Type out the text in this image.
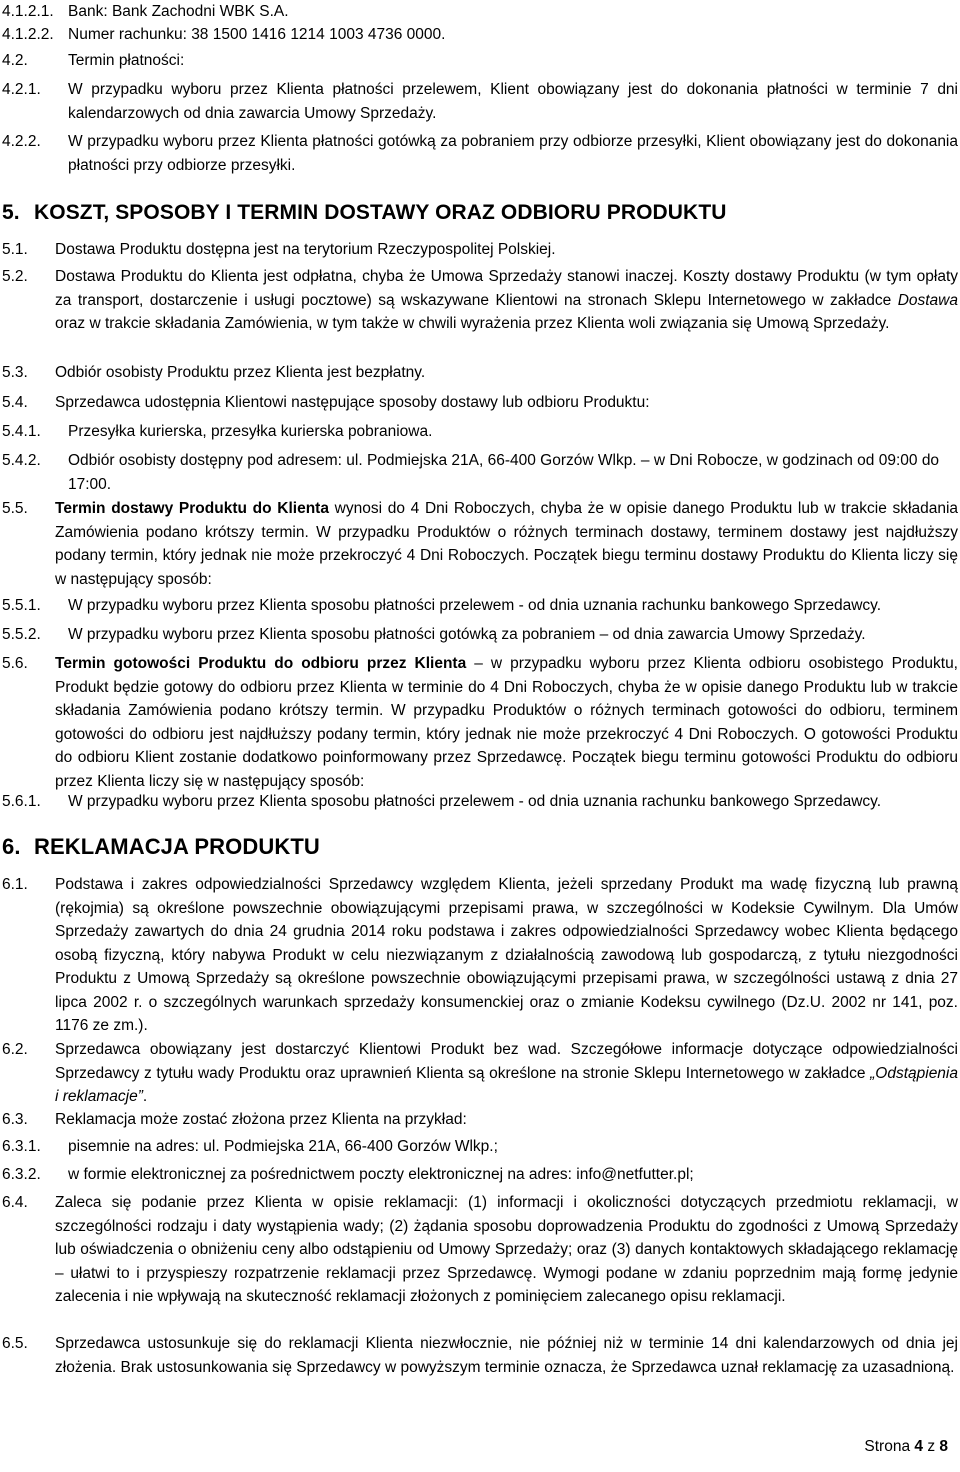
4.1.2.1. Bank: Bank Zachodni WBK S.A.
4.1.2.2. Numer rachunku: 38 1500 1416 1214 1003 4736 0000.
4.2.	Termin płatności:
4.2.1.	W przypadku wyboru przez Klienta płatności przelewem, Klient obowiązany jest do dokonania płatności w terminie 7 dni kalendarzowych od dnia zawarcia Umowy Sprzedaży.
4.2.2.	W przypadku wyboru przez Klienta płatności gotówką za pobraniem przy odbiorze przesyłki, Klient obowiązany jest do dokonania płatności przy odbiorze przesyłki.
5. KOSZT, SPOSOBY I TERMIN DOSTAWY ORAZ ODBIORU PRODUKTU
5.1.	Dostawa Produktu dostępna jest na terytorium Rzeczypospolitej Polskiej.
5.2.	Dostawa Produktu do Klienta jest odpłatna, chyba że Umowa Sprzedaży stanowi inaczej. Koszty dostawy Produktu (w tym opłaty za transport, dostarczenie i usługi pocztowe) są wskazywane Klientowi na stronach Sklepu Internetowego w zakładce Dostawa oraz w trakcie składania Zamówienia, w tym także w chwili wyrażenia przez Klienta woli związania się Umową Sprzedaży.
5.3.	Odbiór osobisty Produktu przez Klienta jest bezpłatny.
5.4.	Sprzedawca udostępnia Klientowi następujące sposoby dostawy lub odbioru Produktu:
5.4.1.	Przesyłka kurierska, przesyłka kurierska pobraniowa.
5.4.2.	Odbiór osobisty dostępny pod adresem: ul. Podmiejska 21A, 66-400 Gorzów Wlkp. – w Dni Robocze, w godzinach od 09:00 do 17:00.
5.5.	Termin dostawy Produktu do Klienta wynosi do 4 Dni Roboczych, chyba że w opisie danego Produktu lub w trakcie składania Zamówienia podano krótszy termin. W przypadku Produktów o różnych terminach dostawy, terminem dostawy jest najdłuższy podany termin, który jednak nie może przekroczyć 4 Dni Roboczych. Początek biegu terminu dostawy Produktu do Klienta liczy się w następujący sposób:
5.5.1.	W przypadku wyboru przez Klienta sposobu płatności przelewem - od dnia uznania rachunku bankowego Sprzedawcy.
5.5.2.	W przypadku wyboru przez Klienta sposobu płatności gotówką za pobraniem – od dnia zawarcia Umowy Sprzedaży.
5.6.	Termin gotowości Produktu do odbioru przez Klienta – w przypadku wyboru przez Klienta odbioru osobistego Produktu, Produkt będzie gotowy do odbioru przez Klienta w terminie do 4 Dni Roboczych, chyba że w opisie danego Produktu lub w trakcie składania Zamówienia podano krótszy termin. W przypadku Produktów o różnych terminach gotowości do odbioru, terminem gotowości do odbioru jest najdłuższy podany termin, który jednak nie może przekroczyć 4 Dni Roboczych. O gotowości Produktu do odbioru Klient zostanie dodatkowo poinformowany przez Sprzedawcę. Początek biegu terminu gotowości Produktu do odbioru przez Klienta liczy się w następujący sposób:
5.6.1.	W przypadku wyboru przez Klienta sposobu płatności przelewem - od dnia uznania rachunku bankowego Sprzedawcy.
6. REKLAMACJA PRODUKTU
6.1.	Podstawa i zakres odpowiedzialności Sprzedawcy względem Klienta, jeżeli sprzedany Produkt ma wadę fizyczną lub prawną (rękojmia) są określone powszechnie obowiązującymi przepisami prawa, w szczególności w Kodeksie Cywilnym. Dla Umów Sprzedaży zawartych do dnia 24 grudnia 2014 roku podstawa i zakres odpowiedzialności Sprzedawcy wobec Klienta będącego osobą fizyczną, który nabywa Produkt w celu niezwiązanym z działalnością zawodową lub gospodarczą, z tytułu niezgodności Produktu z Umową Sprzedaży są określone powszechnie obowiązującymi przepisami prawa, w szczególności ustawą z dnia 27 lipca 2002 r. o szczególnych warunkach sprzedaży konsumenckiej oraz o zmianie Kodeksu cywilnego (Dz.U. 2002 nr 141, poz. 1176 ze zm.).
6.2.	Sprzedawca obowiązany jest dostarczyć Klientowi Produkt bez wad. Szczegółowe informacje dotyczące odpowiedzialności Sprzedawcy z tytułu wady Produktu oraz uprawnień Klienta są określone na stronie Sklepu Internetowego w zakładce „Odstąpienia i reklamacje”.
6.3.	Reklamacja może zostać złożona przez Klienta na przykład:
6.3.1.	pisemnie na adres: ul. Podmiejska 21A, 66-400 Gorzów Wlkp.;
6.3.2.	w formie elektronicznej za pośrednictwem poczty elektronicznej na adres: info@netfutter.pl;
6.4.	Zaleca się podanie przez Klienta w opisie reklamacji: (1) informacji i okoliczności dotyczących przedmiotu reklamacji, w szczególności rodzaju i daty wystąpienia wady; (2) żądania sposobu doprowadzenia Produktu do zgodności z Umową Sprzedaży lub oświadczenia o obniżeniu ceny albo odstąpieniu od Umowy Sprzedaży; oraz (3) danych kontaktowych składającego reklamację – ułatwi to i przyspieszy rozpatrzenie reklamacji przez Sprzedawcę. Wymogi podane w zdaniu poprzednim mają formę jedynie zalecenia i nie wpływają na skuteczność reklamacji złożonych z pominięciem zalecanego opisu reklamacji.
6.5.	Sprzedawca ustosunkuje się do reklamacji Klienta niezwłocznie, nie później niż w terminie 14 dni kalendarzowych od dnia jej złożenia. Brak ustosunkowania się Sprzedawcy w powyższym terminie oznacza, że Sprzedawca uznał reklamację za uzasadnioną.
Strona 4 z 8
